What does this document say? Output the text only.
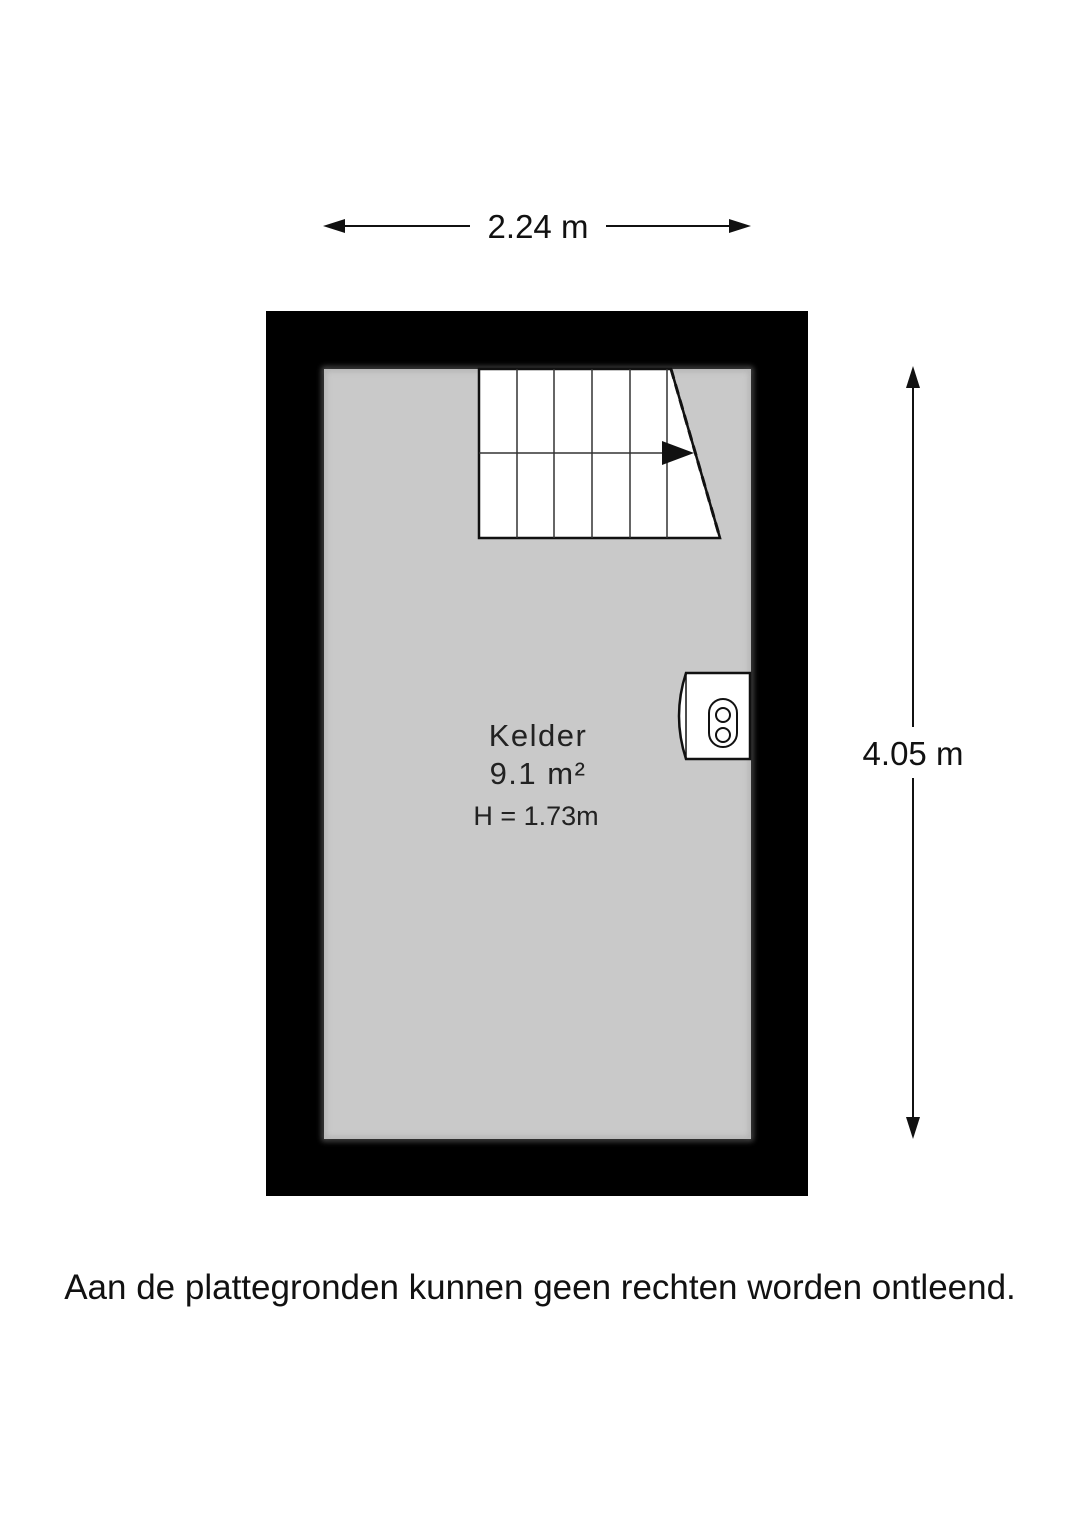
2.24 m
4.05 m
Kelder
9.1 m²
H = 1.73m
Aan de plattegronden kunnen geen rechten worden ontleend.
